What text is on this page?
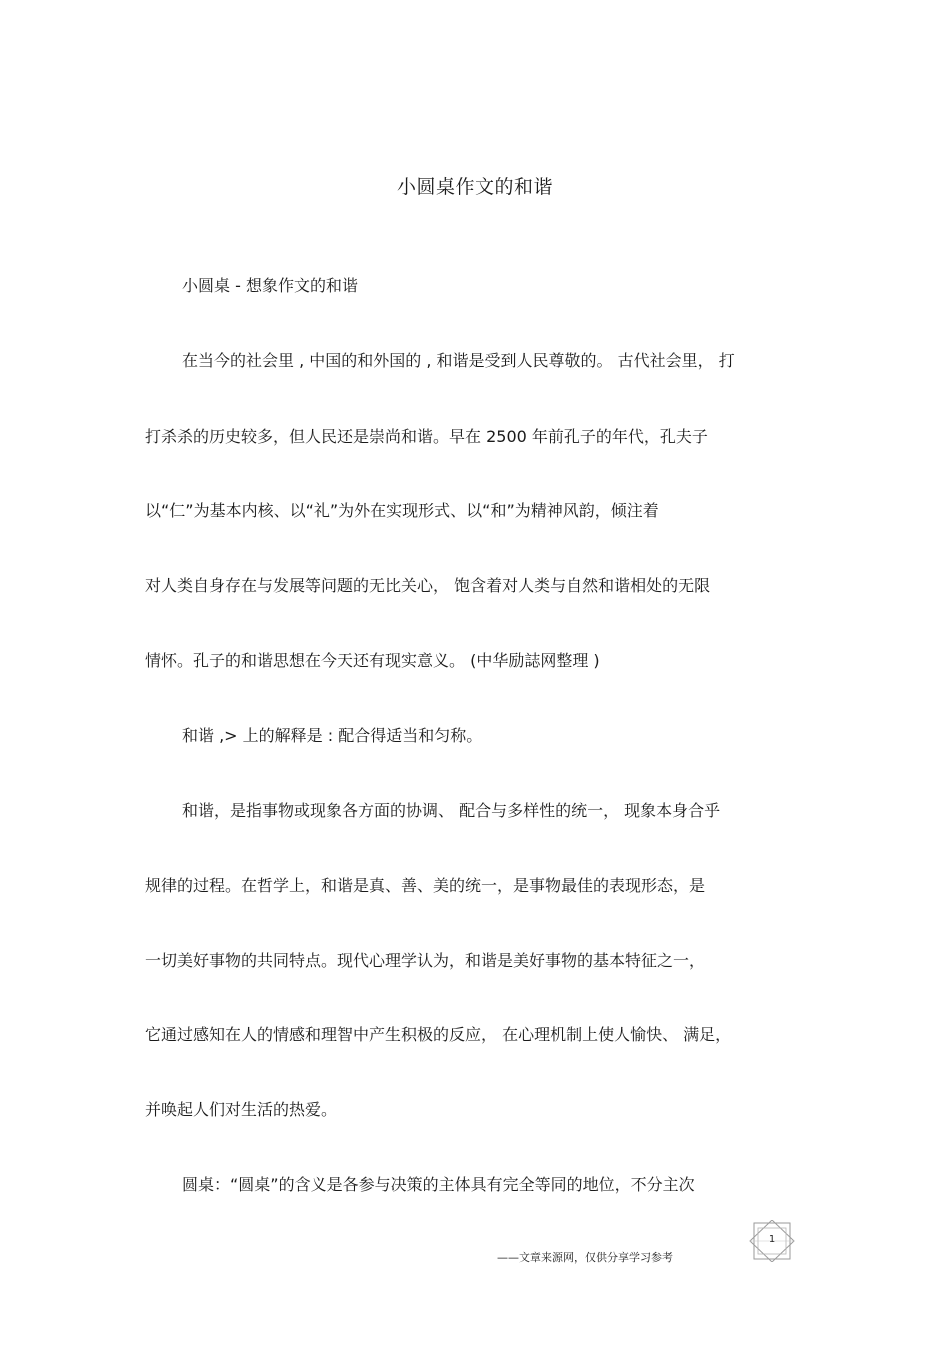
小圆桌作文的和谐
小圆桌 - 想象作文的和谐
在当今的社会里 , 中国的和外国的 , 和谐是受到人民尊敬的。 古代社会里， 打
打杀杀的历史较多，但人民还是崇尚和谐。早在 2500 年前孔子的年代，孔夫子
以“仁”为基本内核、以“礼”为外在实现形式、以“和”为精神风韵，倾注着
对人类自身存在与发展等问题的无比关心， 饱含着对人类与自然和谐相处的无限
情怀。孔子的和谐思想在今天还有现实意义。 (中华励誌网整理 )
和谐 ,> 上的解释是 : 配合得适当和匀称。
和谐，是指事物或现象各方面的协调、 配合与多样性的统一， 现象本身合乎
规律的过程。在哲学上，和谐是真、善、美的统一，是事物最佳的表现形态，是
一切美好事物的共同特点。现代心理学认为，和谐是美好事物的基本特征之一，
它通过感知在人的情感和理智中产生积极的反应， 在心理机制上使人愉快、 满足，
并唤起人们对生活的热爱。
圆桌：“圆桌”的含义是各参与决策的主体具有完全等同的地位，不分主次
——文章来源网，仅供分享学习参考
1
